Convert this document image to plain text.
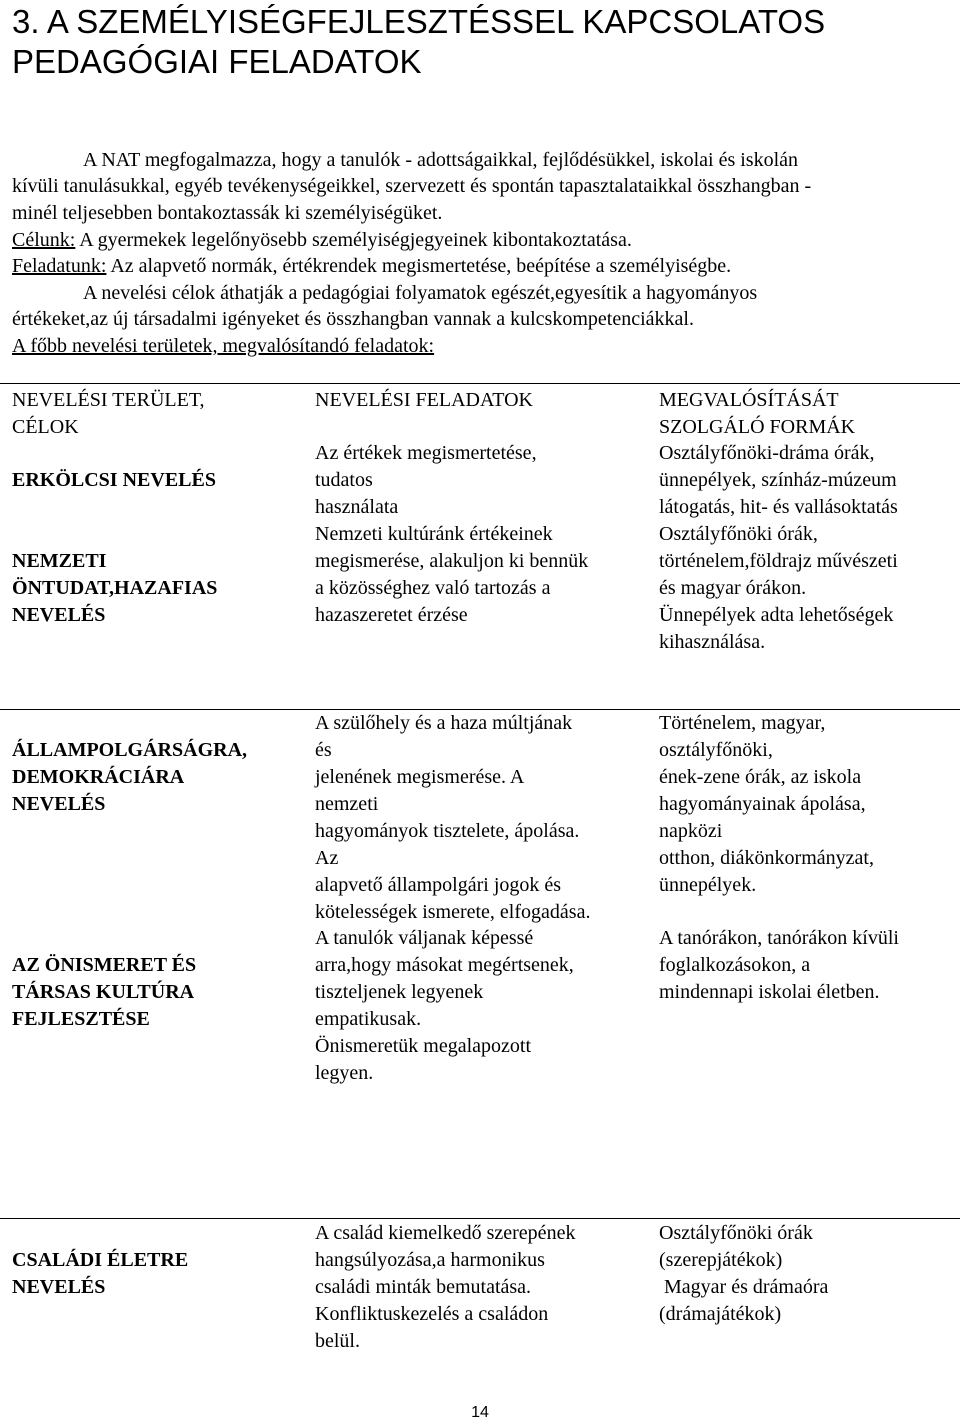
3. A SZEMÉLYISÉGFEJLESZTÉSSEL KAPCSOLATOS
PEDAGÓGIAI FELADATOK
A NAT megfogalmazza, hogy a tanulók - adottságaikkal, fejlődésükkel, iskolai és iskolán
kívüli tanulásukkal, egyéb tevékenységeikkel, szervezett és spontán tapasztalataikkal összhangban -
minél teljesebben bontakoztassák ki személyiségüket.
Célunk: A gyermekek legelőnyösebb személyiségjegyeinek kibontakoztatása.
Feladatunk: Az alapvető normák, értékrendek megismertetése, beépítése a személyiségbe.
A nevelési célok áthatják a pedagógiai folyamatok egészét,egyesítik a hagyományos
értékeket,az új társadalmi igényeket és összhangban vannak a kulcskompetenciákkal.
A főbb nevelési területek, megvalósítandó feladatok:
NEVELÉSI TERÜLET,
CÉLOK
NEVELÉSI FELADATOK	MEGVALÓSÍTÁSÁT
SZOLGÁLÓ FORMÁK
ERKÖLCSI NEVELÉS
Az értékek megismertetése,
tudatos
használata
Osztályfőnöki-dráma órák,
ünnepélyek, színház-múzeum
látogatás, hit- és vallásoktatás
NEMZETI
ÖNTUDAT,HAZAFIAS
NEVELÉS
Nemzeti kultúránk értékeinek
megismerése, alakuljon ki bennük
a közösséghez való tartozás a
hazaszeretet érzése
Osztályfőnöki órák,
történelem,földrajz művészeti
és magyar órákon.
Ünnepélyek adta lehetőségek
kihasználása.
ÁLLAMPOLGÁRSÁGRA,
DEMOKRÁCIÁRA
NEVELÉS
A szülőhely és a haza múltjának
és
jelenének megismerése. A
nemzeti
hagyományok tisztelete, ápolása.
Az
alapvető állampolgári jogok és
kötelességek ismerete, elfogadása.
Történelem, magyar,
osztályfőnöki,
ének-zene órák, az iskola
hagyományainak ápolása,
napközi
otthon, diákönkormányzat,
ünnepélyek.
AZ ÖNISMERET ÉS
TÁRSAS KULTÚRA
FEJLESZTÉSE
A tanulók váljanak képessé
arra,hogy másokat megértsenek,
tiszteljenek legyenek
empatikusak.
Önismeretük megalapozott
legyen.
A tanórákon, tanórákon kívüli
foglalkozásokon, a
mindennapi iskolai életben.
CSALÁDI ÉLETRE
NEVELÉS
A család kiemelkedő szerepének
hangsúlyozása,a harmonikus
családi minták bemutatása.
Konfliktuskezelés a családon
belül.
Osztályfőnöki órák
(szerepjátékok)
Magyar és drámaóra
(drámajátékok)
14
